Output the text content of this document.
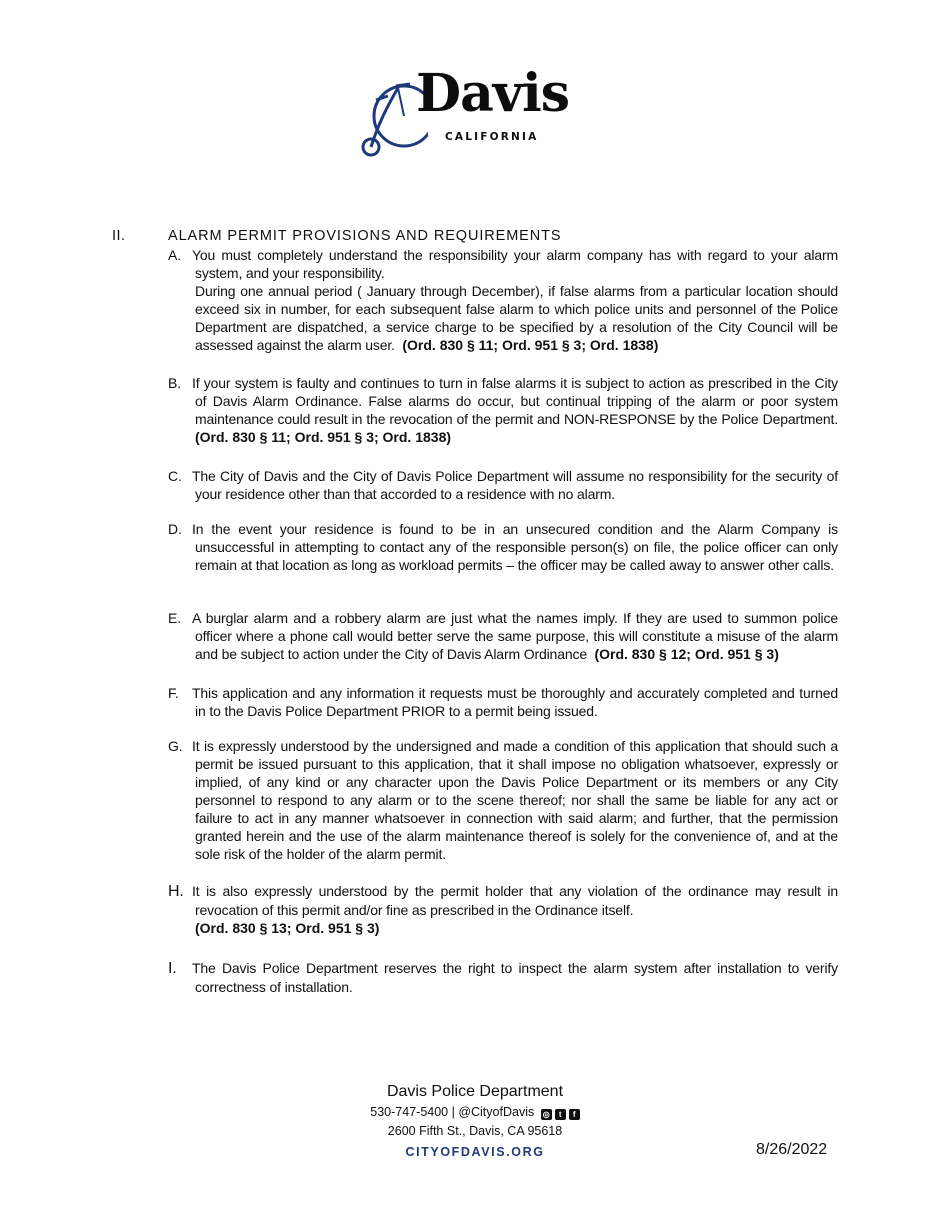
Davis
CALIFORNIA
II.	ALARM PERMIT PROVISIONS AND REQUIREMENTS

A. You must completely understand the responsibility your alarm company has with regard to your alarm system, and your responsibility.

During one annual period ( January through December), if false alarms from a particular location should exceed six in number, for each subsequent false alarm to which police units and personnel of the Police Department are dispatched, a service charge to be specified by a resolution of the City Council will be assessed against the alarm user. (Ord. 830 § 11; Ord. 951 § 3; Ord. 1838)

B. If your system is faulty and continues to turn in false alarms it is subject to action as prescribed in the City of Davis Alarm Ordinance. False alarms do occur, but continual tripping of the alarm or poor system maintenance could result in the revocation of the permit and NON-RESPONSE by the Police Department. (Ord. 830 § 11; Ord. 951 § 3; Ord. 1838)

C. The City of Davis and the City of Davis Police Department will assume no responsibility for the security of your residence other than that accorded to a residence with no alarm.

D. In the event your residence is found to be in an unsecured condition and the Alarm Company is unsuccessful in attempting to contact any of the responsible person(s) on file, the police officer can only remain at that location as long as workload permits – the officer may be called away to answer other calls.

E. A burglar alarm and a robbery alarm are just what the names imply. If they are used to summon police officer where a phone call would better serve the same purpose, this will constitute a misuse of the alarm and be subject to action under the City of Davis Alarm Ordinance (Ord. 830 § 12; Ord. 951 § 3)

F. This application and any information it requests must be thoroughly and accurately completed and turned in to the Davis Police Department PRIOR to a permit being issued.

G. It is expressly understood by the undersigned and made a condition of this application that should such a permit be issued pursuant to this application, that it shall impose no obligation whatsoever, expressly or implied, of any kind or any character upon the Davis Police Department or its members or any City personnel to respond to any alarm or to the scene thereof; nor shall the same be liable for any act or failure to act in any manner whatsoever in connection with said alarm; and further, that the permission granted herein and the use of the alarm maintenance thereof is solely for the convenience of, and at the sole risk of the holder of the alarm permit.

H. It is also expressly understood by the permit holder that any violation of the ordinance may result in revocation of this permit and/or fine as prescribed in the Ordinance itself.

(Ord. 830 § 13; Ord. 951 § 3)

I. The Davis Police Department reserves the right to inspect the alarm system after installation to verify correctness of installation.

Davis Police Department
530-747-5400 | @CityofDavis ◎ t f
2600 Fifth St., Davis, CA 95618
CITYOFDAVIS.ORG	8/26/2022
